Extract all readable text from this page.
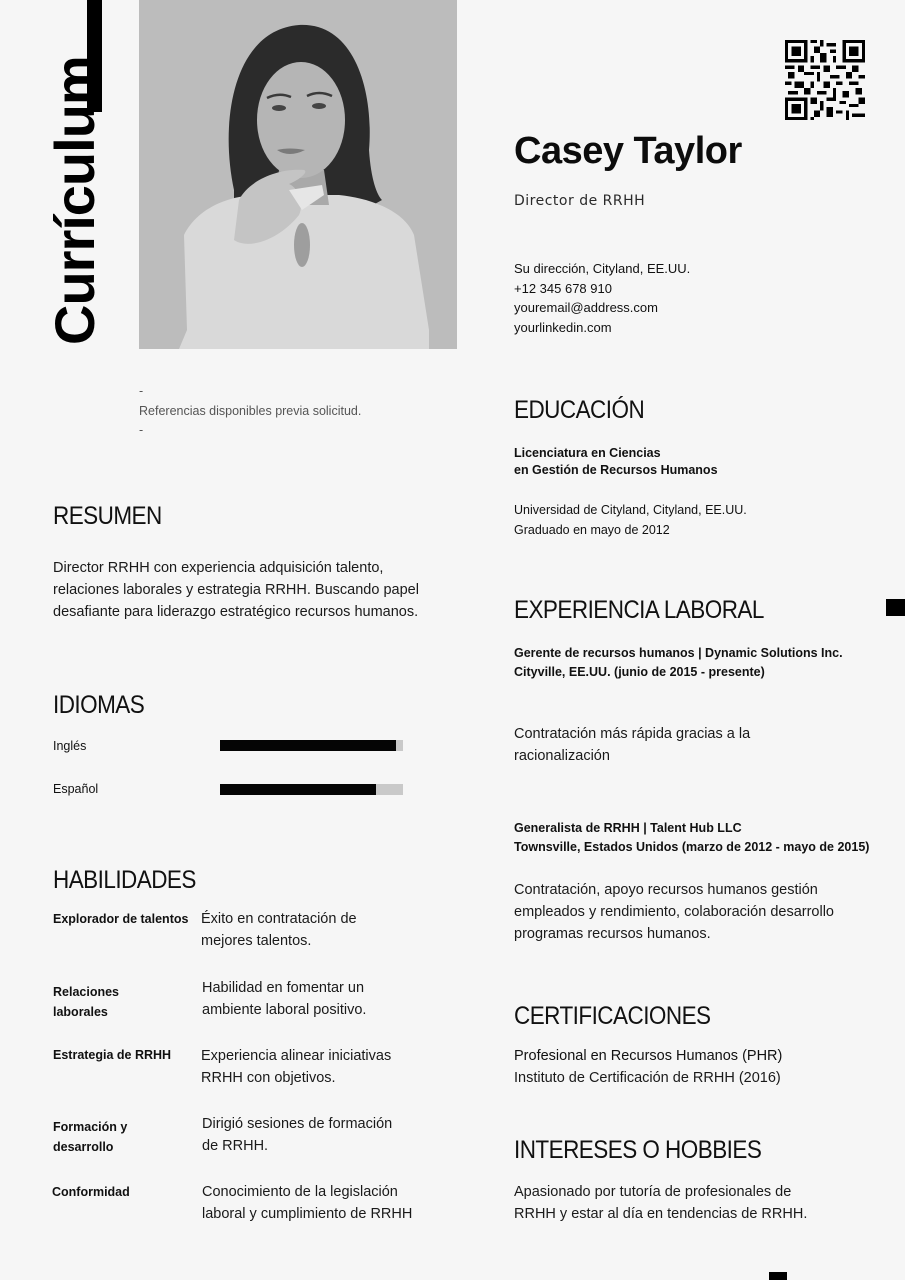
Currículum	Casey Taylor
Director de RRHH
Su dirección, Cityland, EE.UU.
+12 345 678 910
youremail@address.com
yourlinkedin.com
-
Referencias disponibles previa solicitud.
-
RESUMEN
Director RRHH con experiencia adquisición talento,
relaciones laborales y estrategia RRHH. Buscando papel
desafiante para liderazgo estratégico recursos humanos.
IDIOMAS
Inglés
Español
HABILIDADES
Explorador de talentos Éxito en contratación de
mejores talentos.
Relaciones
laborales
Habilidad en fomentar un
ambiente laboral positivo.
Estrategia de RRHH Experiencia alinear iniciativas
RRHH con objetivos.
Formación y
desarrollo
Dirigió sesiones de formación
de RRHH.
Conformidad	Conocimiento de la legislación
laboral y cumplimiento de RRHH
EDUCACIÓN
Licenciatura en Ciencias
en Gestión de Recursos Humanos
Universidad de Cityland, Cityland, EE.UU.
Graduado en mayo de 2012
EXPERIENCIA LABORAL
Gerente de recursos humanos | Dynamic Solutions Inc.
Cityville, EE.UU. (junio de 2015 - presente)
Contratación más rápida gracias a la
racionalización
Generalista de RRHH | Talent Hub LLC
Townsville, Estados Unidos (marzo de 2012 - mayo de 2015)
Contratación, apoyo recursos humanos gestión
empleados y rendimiento, colaboración desarrollo
programas recursos humanos.
CERTIFICACIONES
Profesional en Recursos Humanos (PHR)
Instituto de Certificación de RRHH (2016)
INTERESES O HOBBIES
Apasionado por tutoría de profesionales de
RRHH y estar al día en tendencias de RRHH.
